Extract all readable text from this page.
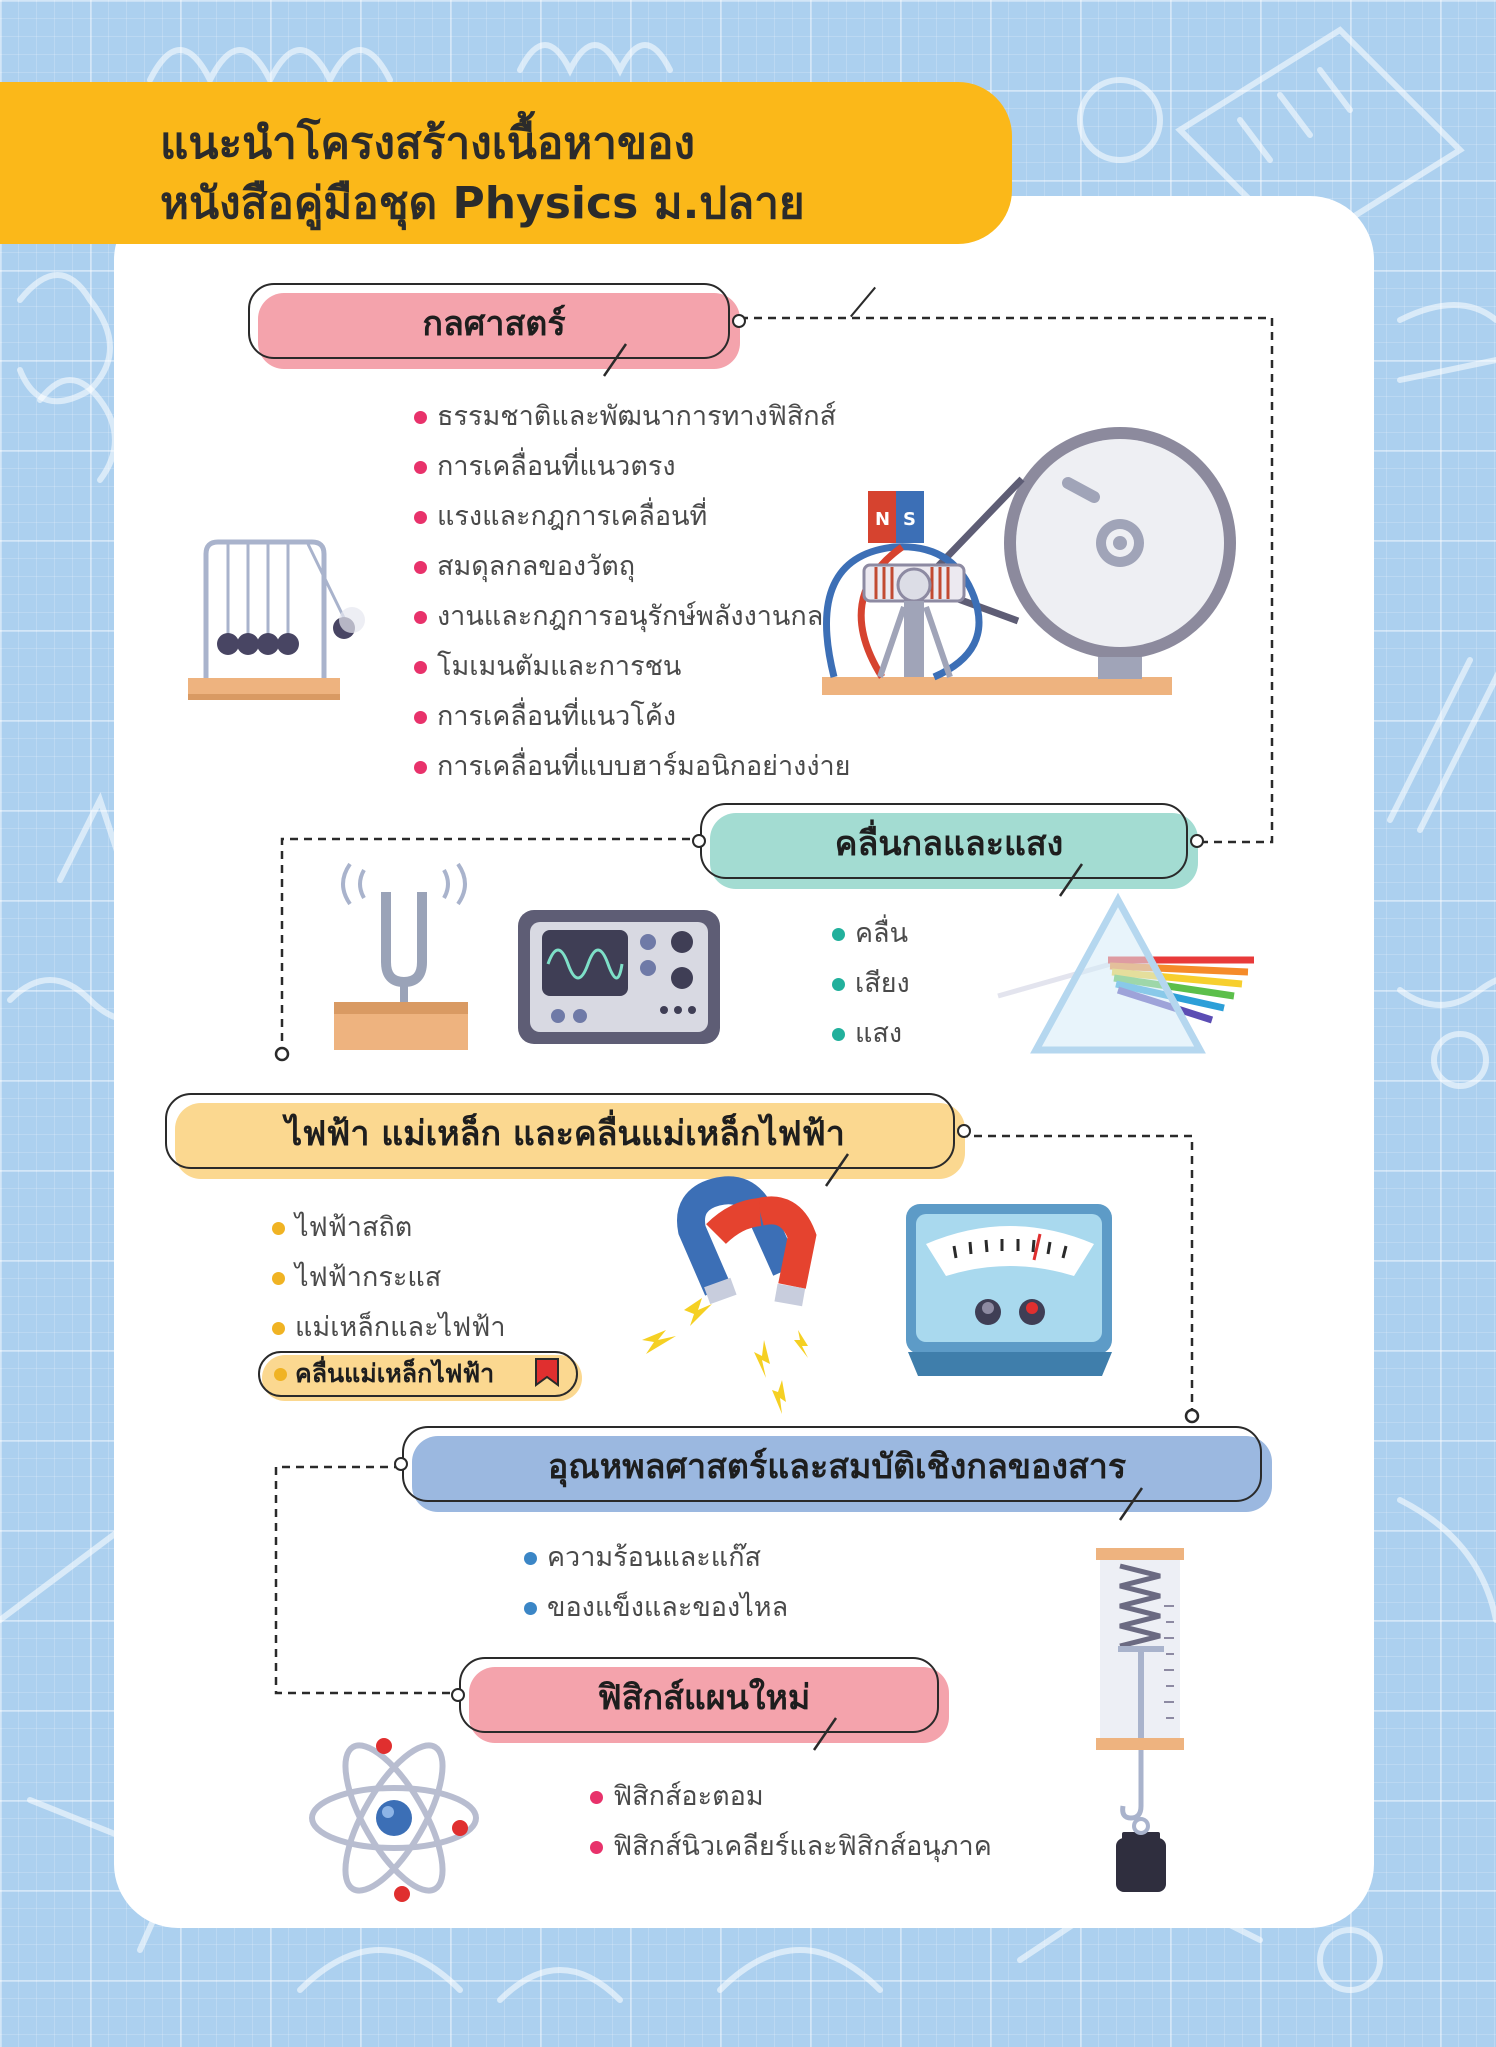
แนะนำโครงสร้างเนื้อหาของ
หนังสือคู่มือชุด Physics ม.ปลาย
กลศาสตร์
ธรรมชาติและพัฒนาการทางฟิสิกส์
การเคลื่อนที่แนวตรง
แรงและกฎการเคลื่อนที่
สมดุลกลของวัตถุ
งานและกฎการอนุรักษ์พลังงานกล
โมเมนตัมและการชน
การเคลื่อนที่แนวโค้ง
การเคลื่อนที่แบบฮาร์มอนิกอย่างง่าย
N S
คลื่นกลและแสง
คลื่น
เสียง
แสง
ไฟฟ้า แม่เหล็ก และคลื่นแม่เหล็กไฟฟ้า
ไฟฟ้าสถิต
ไฟฟ้ากระแส
แม่เหล็กและไฟฟ้า
คลื่นแม่เหล็กไฟฟ้า
อุณหพลศาสตร์และสมบัติเชิงกลของสาร
ความร้อนและแก๊ส
ของแข็งและของไหล
ฟิสิกส์แผนใหม่
ฟิสิกส์อะตอม
ฟิสิกส์นิวเคลียร์และฟิสิกส์อนุภาค
